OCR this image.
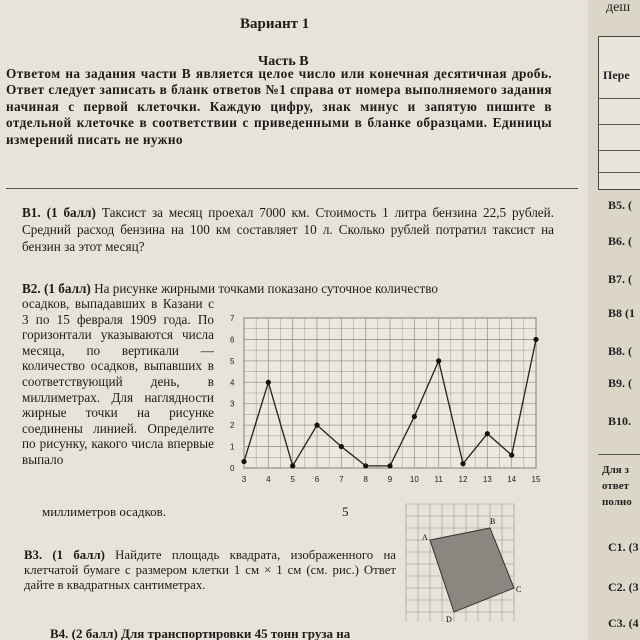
Вариант 1
Часть В
Ответом на задания части В является целое число или конечная десятичная дробь. Ответ следует записать в бланк ответов №1 справа от номера выполняемого задания начиная с первой клеточки. Каждую цифру, знак минус и запятую пишите в отдельной клеточке в соответствии с приведенными в бланке образцами. Единицы измерений писать не нужно
В1. (1 балл) Таксист за месяц проехал 7000 км. Стоимость 1 литра бензина 22,5 рублей. Средний расход бензина на 100 км составляет 10 л. Сколько рублей потратил таксист на бензин за этот месяц?
В2. (1 балл) На рисунке жирными точками показано суточное количество
осадков, выпадавших в Казани с 3 по 15 февраля 1909 года. По горизонтали указываются числа месяца, по вертикали — количество осадков, выпавших в соответствующий день, в миллиметрах. Для наглядности жирные точки на рисунке соединены линией. Определите по рисунку, какого числа впервые выпало
миллиметров осадков.	5
0
1
2
3
4
5
6
7
3 4 5 6 7 8 9 10 11 12 13 14 15
В3. (1 балл) Найдите площадь квадрата, изображенного на клетчатой бумаге с размером клетки 1 см × 1 см (см. рис.) Ответ дайте в квадратных сантиметрах.
A
B
C
D
В4. (2 балл) Для транспортировки 45 тонн груза на
деш
Пере
В5. (
В6. (
В7. (
В8 (1
В8. (
В9. (
В10.
Для з
ответ
полно
С1. (3
С2. (3
С3. (4
